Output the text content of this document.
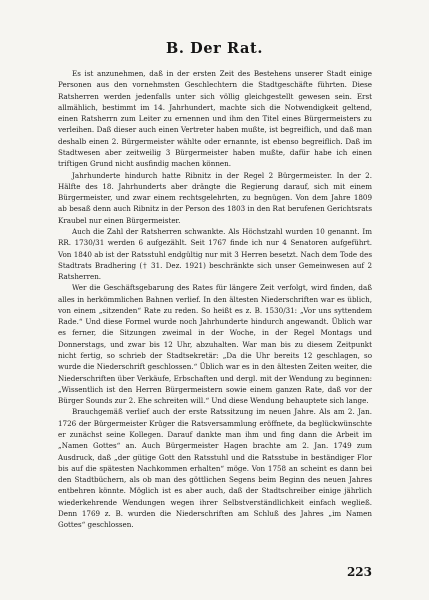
B. Der Rat.

Es ist anzunehmen, daß in der ersten Zeit des Bestehens unserer Stadt einige Personen aus den vornehmsten Geschlechtern die Stadtgeschäfte führten. Diese Ratsherren werden jedenfalls unter sich völlig gleichgestellt gewesen sein. Erst allmählich, bestimmt im 14. Jahrhundert, machte sich die Notwendigkeit geltend, einen Ratsherrn zum Leiter zu ernennen und ihm den Titel eines Bürgermeisters zu verleihen. Daß dieser auch einen Vertreter haben mußte, ist begreiflich, und daß man deshalb einen 2. Bürgermeister wählte oder ernannte, ist ebenso begreiflich. Daß im Stadtwesen aber zeitweilig 3 Bürgermeister haben mußte, dafür habe ich einen triftigen Grund nicht ausfindig machen können.

Jahrhunderte hindurch hatte Ribnitz in der Regel 2 Bürgermeister. In der 2. Hälfte des 18. Jahrhunderts aber drängte die Regierung darauf, sich mit einem Bürgermeister, und zwar einem rechtsgelehrten, zu begnügen. Von dem Jahre 1809 ab besaß denn auch Ribnitz in der Person des 1803 in den Rat berufenen Gerichtsrats Kraubel nur einen Bürgermeister.

Auch die Zahl der Ratsherren schwankte. Als Höchstzahl wurden 10 genannt. Im RR. 1730/31 werden 6 aufgezählt. Seit 1767 finde ich nur 4 Senatoren aufgeführt. Von 1840 ab ist der Ratsstuhl endgültig nur mit 3 Herren besetzt. Nach dem Tode des Stadtrats Bradhering († 31. Dez. 1921) beschränkte sich unser Gemeinwesen auf 2 Ratsherren.

Wer die Geschäftsgebarung des Rates für längere Zeit verfolgt, wird finden, daß alles in herkömmlichen Bahnen verlief. In den ältesten Niederschriften war es üblich, von einem „sitzenden“ Rate zu reden. So heißt es z. B. 1530/31: „Vor uns syttendem Rade.“ Und diese Formel wurde noch Jahrhunderte hindurch angewandt. Üblich war es ferner, die Sitzungen zweimal in der Woche, in der Regel Montags und Donnerstags, und zwar bis 12 Uhr, abzuhalten. War man bis zu diesem Zeitpunkt nicht fertig, so schrieb der Stadtsekretär: „Da die Uhr bereits 12 geschlagen, so wurde die Niederschrift geschlossen.“ Üblich war es in den ältesten Zeiten weiter, die Niederschriften über Verkäufe, Erbschaften und dergl. mit der Wendung zu beginnen: „Wissentlich ist den Herren Bürgermeistern sowie einem ganzen Rate, daß vor der Bürger Sounds zur 2. Ehe schreiten will.“ Und diese Wendung behauptete sich lange.

Brauchgemäß verlief auch der erste Ratssitzung im neuen Jahre. Als am 2. Jan. 1726 der Bürgermeister Krüger die Ratsversammlung eröffnete, da beglückwünschte er zunächst seine Kollegen. Darauf dankte man ihm und fing dann die Arbeit im „Namen Gottes“ an. Auch Bürgermeister Hagen brachte am 2. Jan. 1749 zum Ausdruck, daß „der gütige Gott den Ratsstuhl und die Ratsstube in beständiger Flor bis auf die spätesten Nachkommen erhalten“ möge. Von 1758 an scheint es dann bei den Stadtbüchern, als ob man des göttlichen Segens beim Beginn des neuen Jahres entbehren könnte. Möglich ist es aber auch, daß der Stadtschreiber einige jährlich wiederkehrende Wendungen wegen ihrer Selbstverständlichkeit einfach wegließ. Denn 1769 z. B. wurden die Niederschriften am Schluß des Jahres „im Namen Gottes“ geschlossen.

223
